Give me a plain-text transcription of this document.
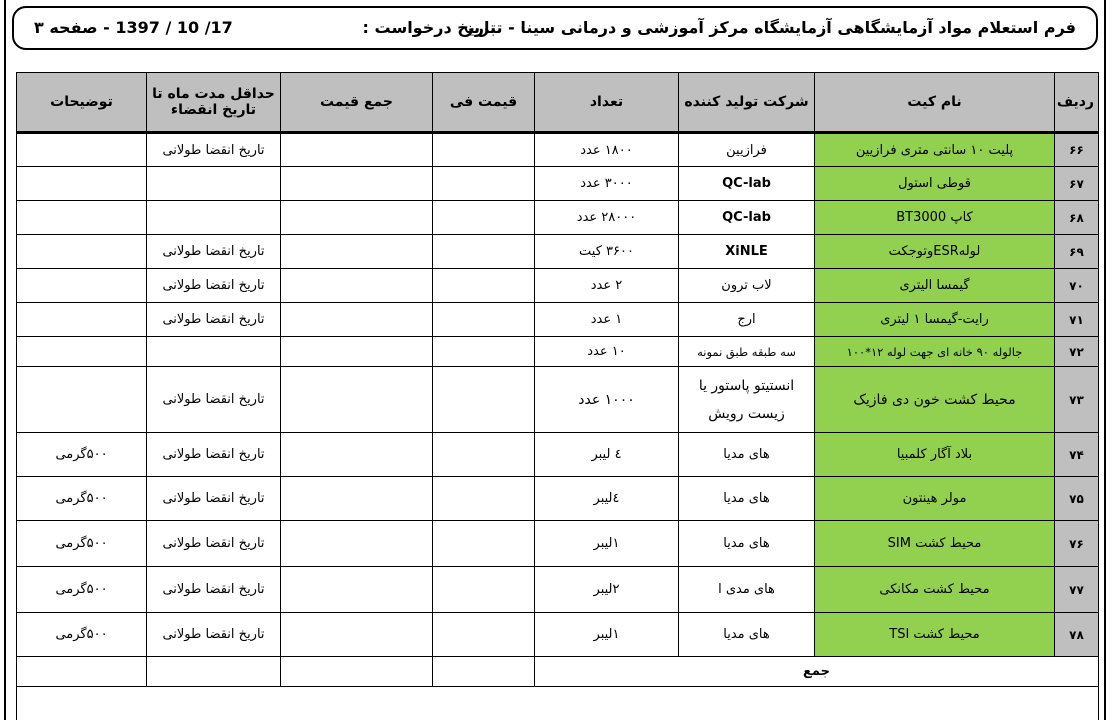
فرم استعلام مواد آزمایشگاهی آزمایشگاه مرکز آموزشی و درمانی سینا - تبریز
تاریخ درخواست :
صفحه ۳ - 1397 / 10 /17
ردیف	نام کیت	شرکت تولید کننده	تعداد	قیمت فی	جمع قیمت	حداقل مدت ماه تا تاریخ انقضاء	توضیحات
۶۶	پلیت ۱۰ سانتی متری فرازیین	فرازیین	۱۸۰۰ عدد			تاریخ انقضا طولانی	
۶۷	قوطی استول	QC-lab	۳۰۰۰ عدد				
۶۸	کاپ BT3000	QC-lab	۲۸۰۰۰ عدد				
۶۹	لولهESRوتوجکت	XiNLE	۳۶۰۰ کیت			تاریخ انقضا طولانی	
۷۰	گیمسا الیتری	لاب ترون	۲ عدد			تاریخ انقضا طولانی	
۷۱	رایت-گیمسا ۱ لیتری	ارج	۱ عدد			تاریخ انقضا طولانی	
۷۲	جالوله ۹۰ خانه ای جهت لوله ۱۲*۱۰۰	سه طبقه طبق نمونه	۱۰ عدد				
۷۳	محیط کشت خون دی فازیک	انستیتو پاستور یا زیست رویش	۱۰۰۰ عدد			تاریخ انقضا طولانی	
۷۴	بلاد آگار کلمبیا	های مدیا	٤ لیبر			تاریخ انقضا طولانی	۵۰۰گرمی
۷۵	مولر هینتون	های مدیا	٤لیبر			تاریخ انقضا طولانی	۵۰۰گرمی
۷۶	محیط کشت SIM	های مدیا	۱لیبر			تاریخ انقضا طولانی	۵۰۰گرمی
۷۷	محیط کشت مکانکی	های مدی ا	۲لیبر			تاریخ انقضا طولانی	۵۰۰گرمی
۷۸	محیط کشت TSI	های مدیا	۱لیبر			تاریخ انقضا طولانی	۵۰۰گرمی
جمع							
